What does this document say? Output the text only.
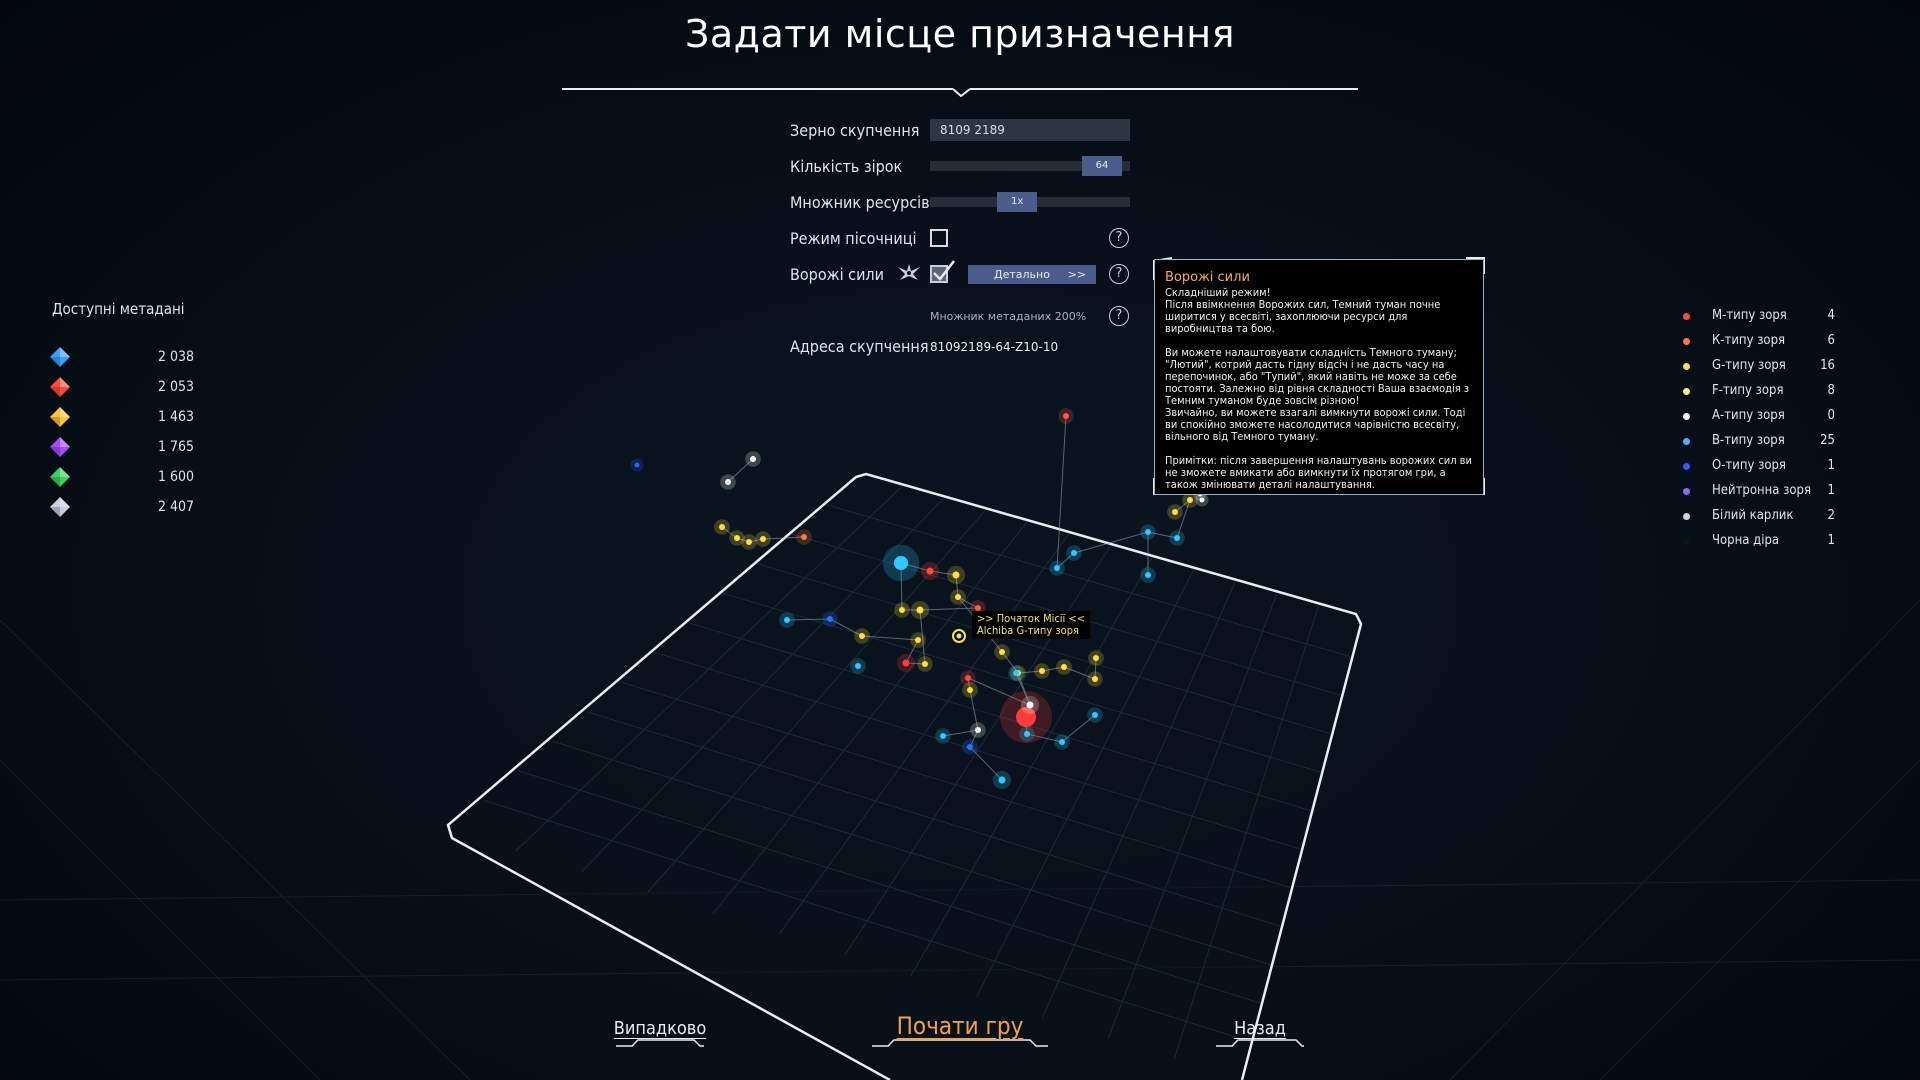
Задати місце призначення
Зерно скупчення
8109 2189
Кількість зірок	64
Множник ресурсів	1x
Режим пісочниці	?
Ворожі сили	Детально >>	?
Множник метаданих 200%	?
Адреса скупчення 81092189-64-Z10-10
Ворожі сили
Складніший режим!
Після ввімкнення Ворожих сил, Темний туман почне ширитися у всесвіті, захоплюючи ресурси для виробництва та бою.

Ви можете налаштовувати складність Темного туману; "Лютий", котрий дасть гідну відсіч і не дасть часу на перепочинок, або "Тупий", який навіть не може за себе постояти. Залежно від рівня складності Ваша взаємодія з Темним туманом буде зовсім різною!
Звичайно, ви можете взагалі вимкнути ворожі сили. Тоді ви спокійно зможете насолодитися чарівністю всесвіту, вільного від Темного туману.

Примітки: після завершення налаштувань ворожих сил ви не зможете вмикати або вимкнути їх протягом гри, а також змінювати деталі налаштування.
Доступні метадані
2 038
2 053
1 463
1 765
1 600
2 407
М-типу зоря	4
К-типу зоря	6
G-типу зоря	16
F-типу зоря	8
А-типу зоря	0
В-типу зоря	25
О-типу зоря	1
Нейтронна зоря 1
Білий карлик	2
Чорна діра	1
>> Початок Місії <<
Alchiba G-типу зоря
Випадково	Почати гру	Назад
